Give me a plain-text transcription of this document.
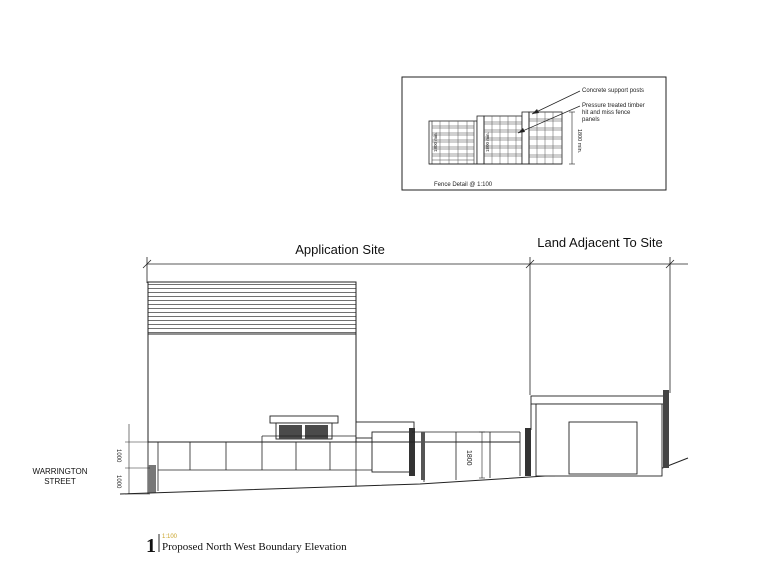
1800 min.	1800 min.	1800 min.
Concrete support posts
Pressure treated timber
hit and miss fence
panels
Fence Detail @ 1:100
Application Site	Land Adjacent To Site
1800
1000
1000
WARRINGTON
STREET
1 1:100
Proposed North West Boundary Elevation
